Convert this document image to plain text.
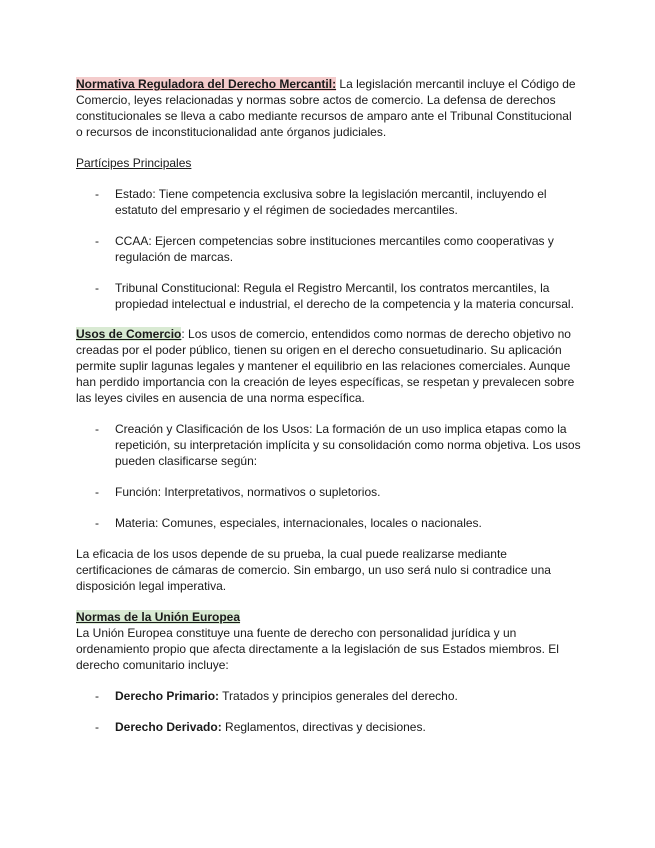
Normativa Reguladora del Derecho Mercantil: La legislación mercantil incluye el Código de Comercio, leyes relacionadas y normas sobre actos de comercio. La defensa de derechos constitucionales se lleva a cabo mediante recursos de amparo ante el Tribunal Constitucional o recursos de inconstitucionalidad ante órganos judiciales.

Partícipes Principales

- Estado: Tiene competencia exclusiva sobre la legislación mercantil, incluyendo el estatuto del empresario y el régimen de sociedades mercantiles.
- CCAA: Ejercen competencias sobre instituciones mercantiles como cooperativas y regulación de marcas.
- Tribunal Constitucional: Regula el Registro Mercantil, los contratos mercantiles, la propiedad intelectual e industrial, el derecho de la competencia y la materia concursal.

Usos de Comercio: Los usos de comercio, entendidos como normas de derecho objetivo no creadas por el poder público, tienen su origen en el derecho consuetudinario. Su aplicación permite suplir lagunas legales y mantener el equilibrio en las relaciones comerciales. Aunque han perdido importancia con la creación de leyes específicas, se respetan y prevalecen sobre las leyes civiles en ausencia de una norma específica.

- Creación y Clasificación de los Usos: La formación de un uso implica etapas como la repetición, su interpretación implícita y su consolidación como norma objetiva. Los usos pueden clasificarse según:
- Función: Interpretativos, normativos o supletorios.
- Materia: Comunes, especiales, internacionales, locales o nacionales.

La eficacia de los usos depende de su prueba, la cual puede realizarse mediante certificaciones de cámaras de comercio. Sin embargo, un uso será nulo si contradice una disposición legal imperativa.

Normas de la Unión Europea

La Unión Europea constituye una fuente de derecho con personalidad jurídica y un ordenamiento propio que afecta directamente a la legislación de sus Estados miembros. El derecho comunitario incluye:

- Derecho Primario: Tratados y principios generales del derecho.
- Derecho Derivado: Reglamentos, directivas y decisiones.
